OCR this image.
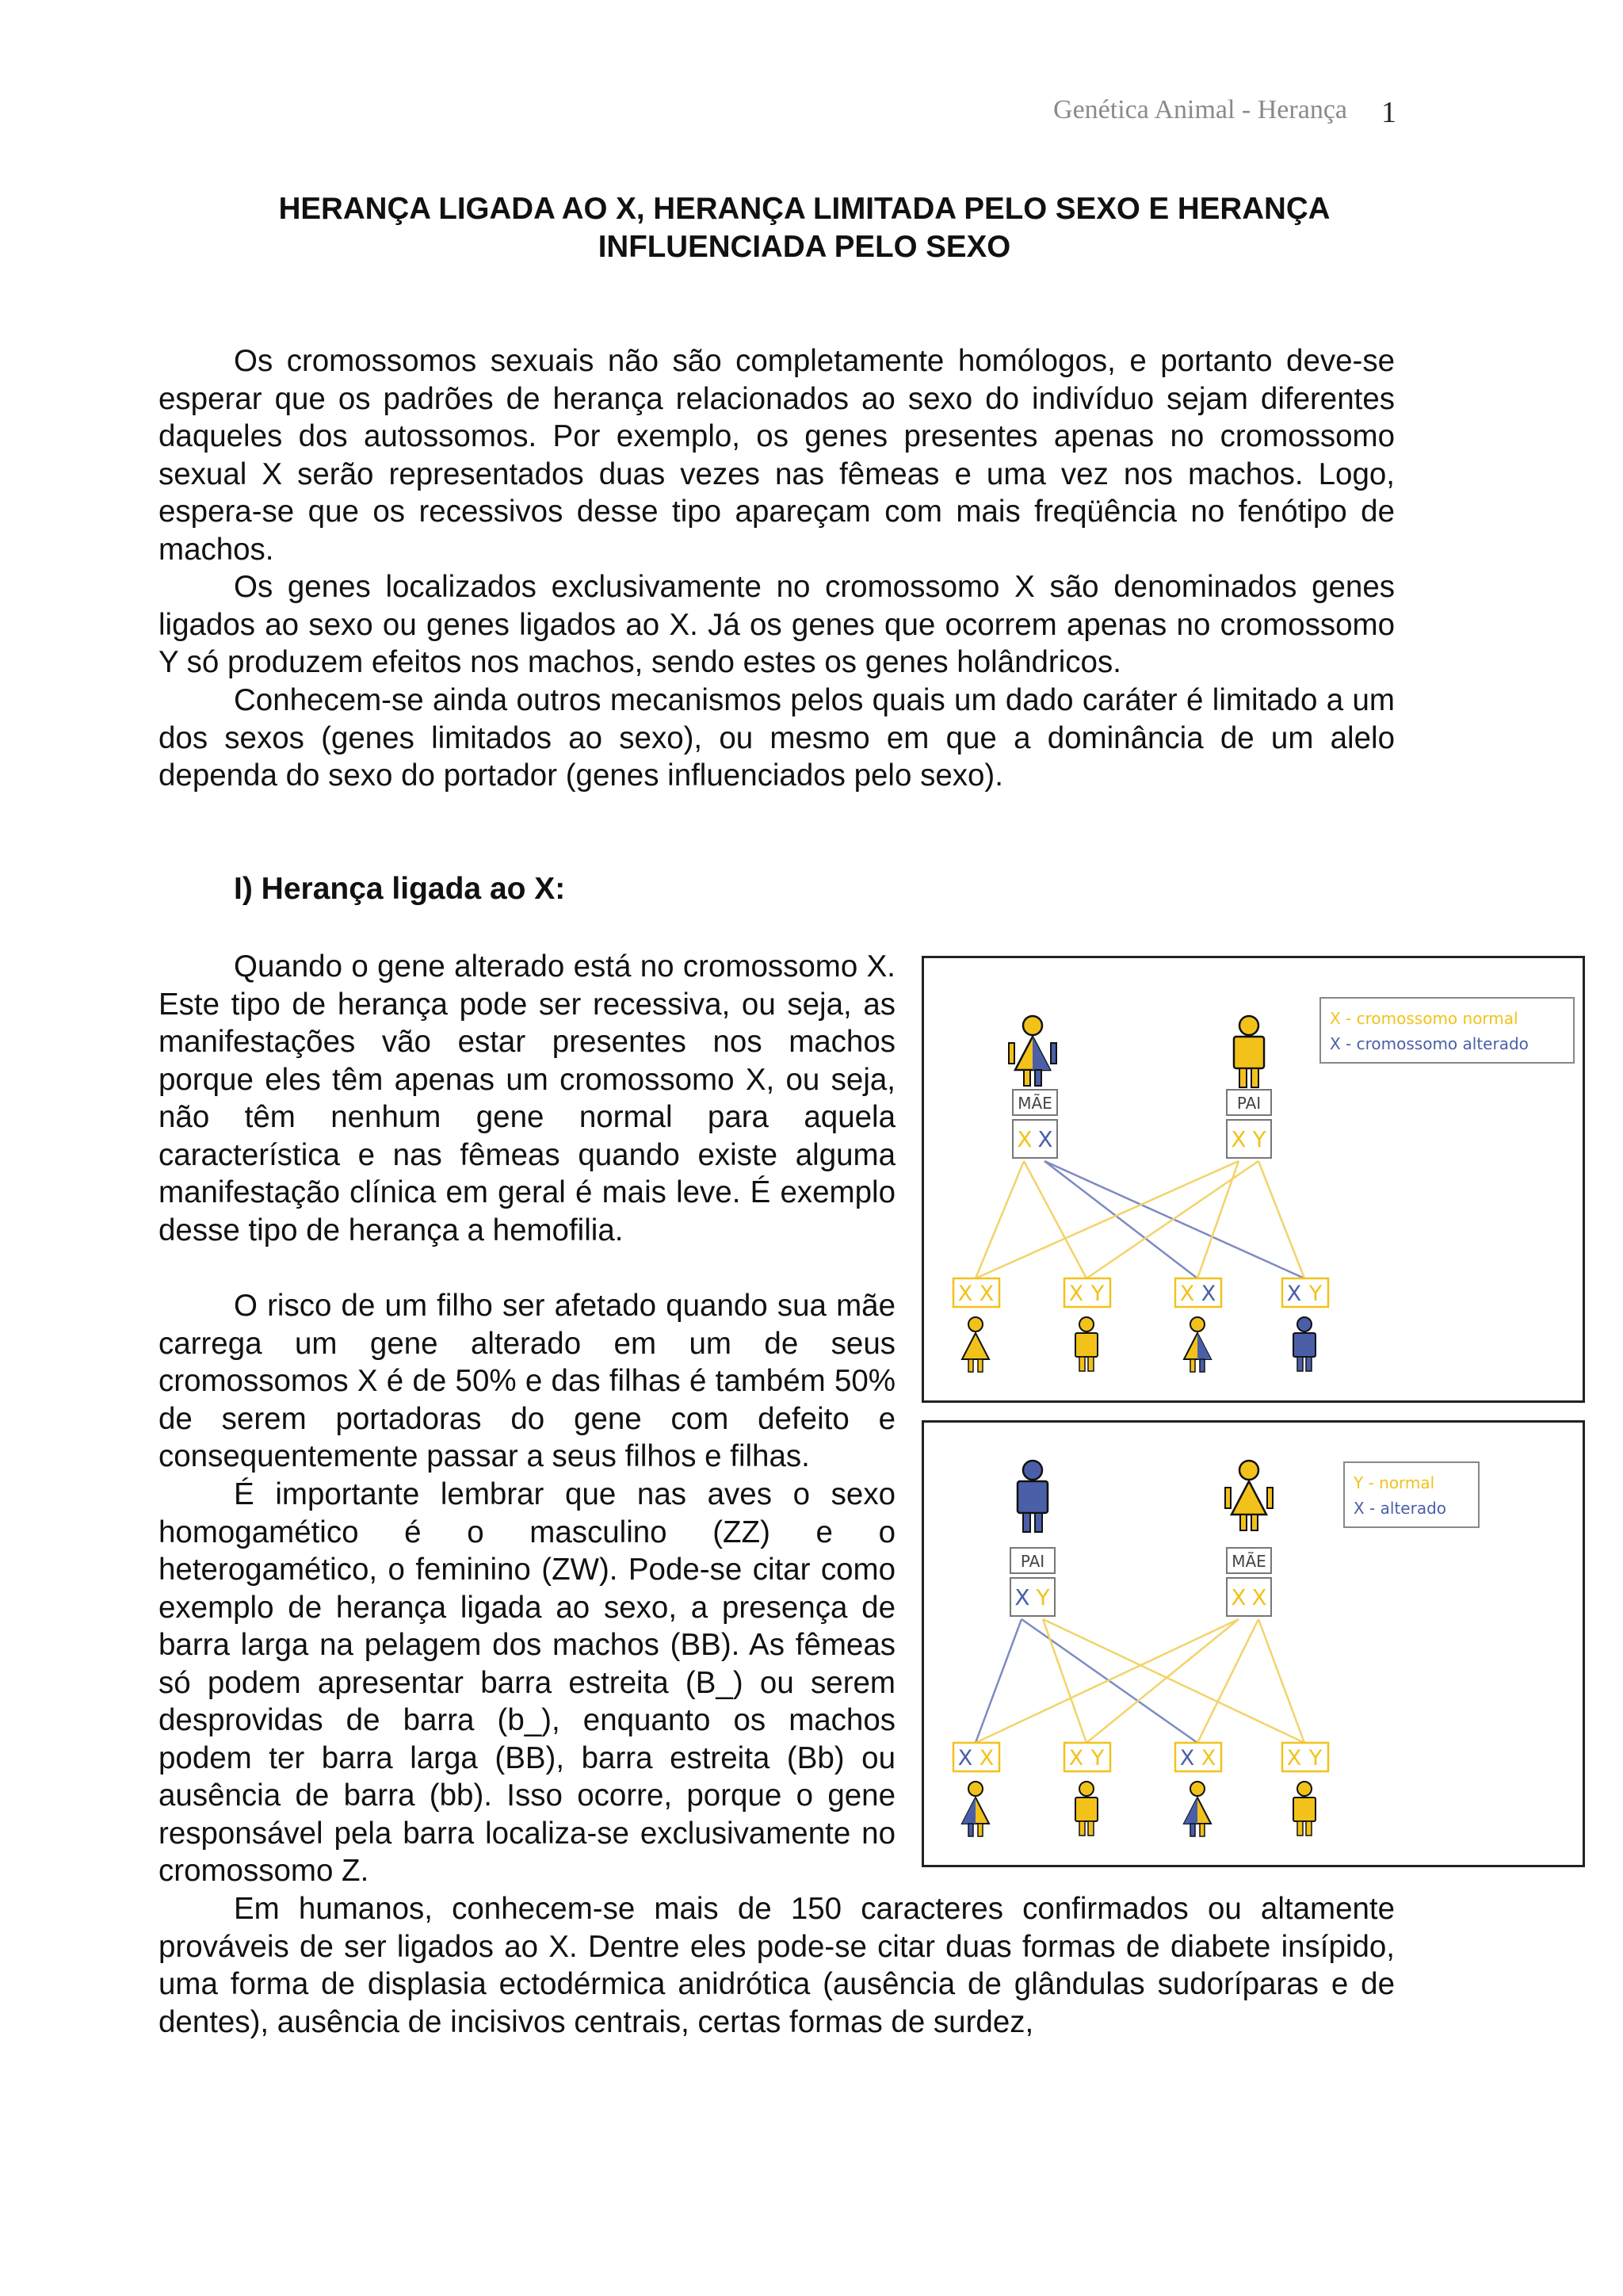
Genética Animal - Herança 1
HERANÇA LIGADA AO X, HERANÇA LIMITADA PELO SEXO E HERANÇA
INFLUENCIADA PELO SEXO

Os cromossomos sexuais não são completamente homólogos, e portanto deve-se esperar que os padrões de herança relacionados ao sexo do indivíduo sejam diferentes daqueles dos autossomos. Por exemplo, os genes presentes apenas no cromossomo sexual X serão representados duas vezes nas fêmeas e uma vez nos machos. Logo, espera-se que os recessivos desse tipo apareçam com mais freqüência no fenótipo de machos.

Os genes localizados exclusivamente no cromossomo X são denominados genes ligados ao sexo ou genes ligados ao X. Já os genes que ocorrem apenas no cromossomo Y só produzem efeitos nos machos, sendo estes os genes holândricos.

Conhecem-se ainda outros mecanismos pelos quais um dado caráter é limitado a um dos sexos (genes limitados ao sexo), ou mesmo em que a dominância de um alelo dependa do sexo do portador (genes influenciados pelo sexo).

I) Herança ligada ao X:

Quando o gene alterado está no cromossomo X. Este tipo de herança pode ser recessiva, ou seja, as manifestações vão estar presentes nos machos porque eles têm apenas um cromossomo X, ou seja, não têm nenhum gene normal para aquela característica e nas fêmeas quando existe alguma manifestação clínica em geral é mais leve. É exemplo desse tipo de herança a hemofilia.

O risco de um filho ser afetado quando sua mãe carrega um gene alterado em um de seus cromossomos X é de 50% e das filhas é também 50% de serem portadoras do gene com defeito e consequentemente passar a seus filhos e filhas.

É importante lembrar que nas aves o sexo homogamético é o masculino (ZZ) e o heterogamético, o feminino (ZW). Pode-se citar como exemplo de herança ligada ao sexo, a presença de barra larga na pelagem dos machos (BB). As fêmeas só podem apresentar barra estreita (B_) ou serem desprovidas de barra (b_), enquanto os machos podem ter barra larga (BB), barra estreita (Bb) ou ausência de barra (bb). Isso ocorre, porque o gene responsável pela barra localiza-se exclusivamente no cromossomo Z.

Em humanos, conhecem-se mais de 150 caracteres confirmados ou altamente prováveis de ser ligados ao X. Dentre eles pode-se citar duas formas de diabete insípido, uma forma de displasia ectodérmica anidrótica (ausência de glândulas sudoríparas e de dentes), ausência de incisivos centrais, certas formas de surdez,

MÃE
X X
PAI
X Y
X - cromossomo normal
X - cromossomo alterado
X X	X Y	X X	X Y
PAI
X Y
MÃE
X X
Y - normal
X - alterado
X X	X Y	X X	X Y
